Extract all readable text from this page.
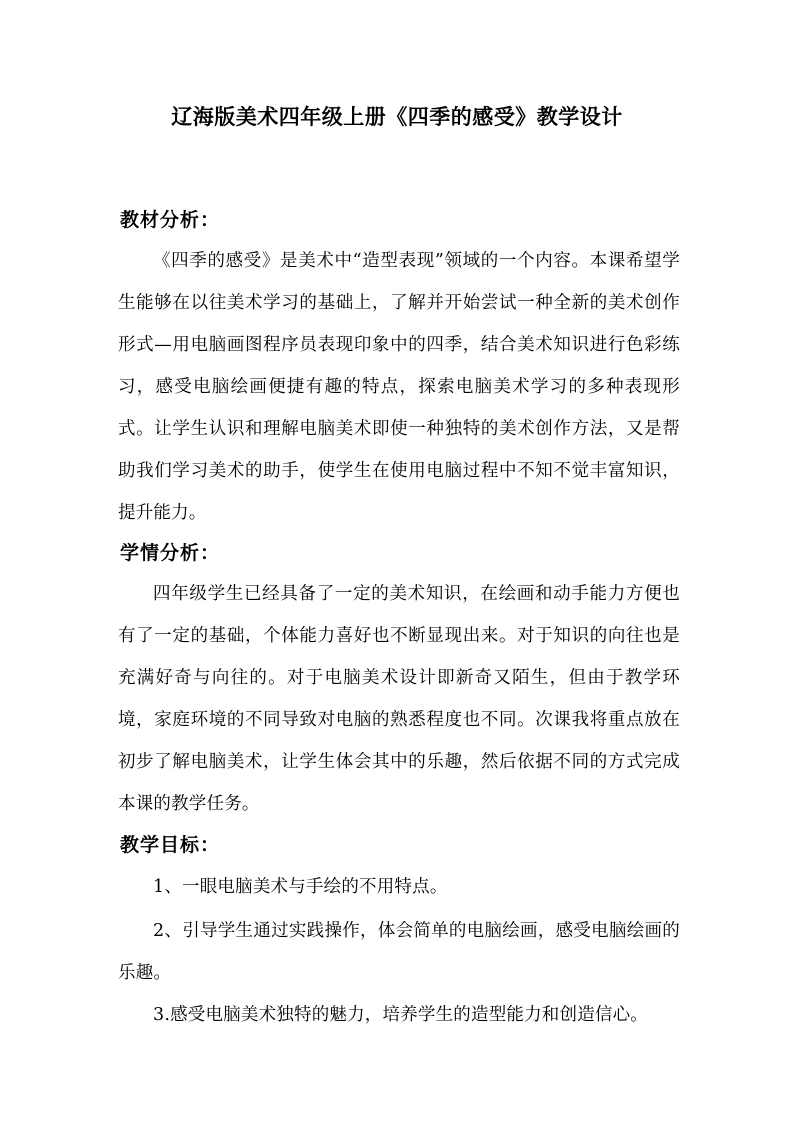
辽海版美术四年级上册《四季的感受》教学设计
教材分析：

《四季的感受》是美术中“造型表现”领域的一个内容。本课希望学生能够在以往美术学习的基础上，了解并开始尝试一种全新的美术创作形式—用电脑画图程序员表现印象中的四季，结合美术知识进行色彩练习，感受电脑绘画便捷有趣的特点，探索电脑美术学习的多种表现形式。让学生认识和理解电脑美术即使一种独特的美术创作方法，又是帮助我们学习美术的助手，使学生在使用电脑过程中不知不觉丰富知识，提升能力。

学情分析：

四年级学生已经具备了一定的美术知识，在绘画和动手能力方便也有了一定的基础，个体能力喜好也不断显现出来。对于知识的向往也是充满好奇与向往的。对于电脑美术设计即新奇又陌生，但由于教学环境，家庭环境的不同导致对电脑的熟悉程度也不同。次课我将重点放在初步了解电脑美术，让学生体会其中的乐趣，然后依据不同的方式完成本课的教学任务。

教学目标：

1、一眼电脑美术与手绘的不用特点。

2、引导学生通过实践操作，体会简单的电脑绘画，感受电脑绘画的乐趣。

3.感受电脑美术独特的魅力，培养学生的造型能力和创造信心。
